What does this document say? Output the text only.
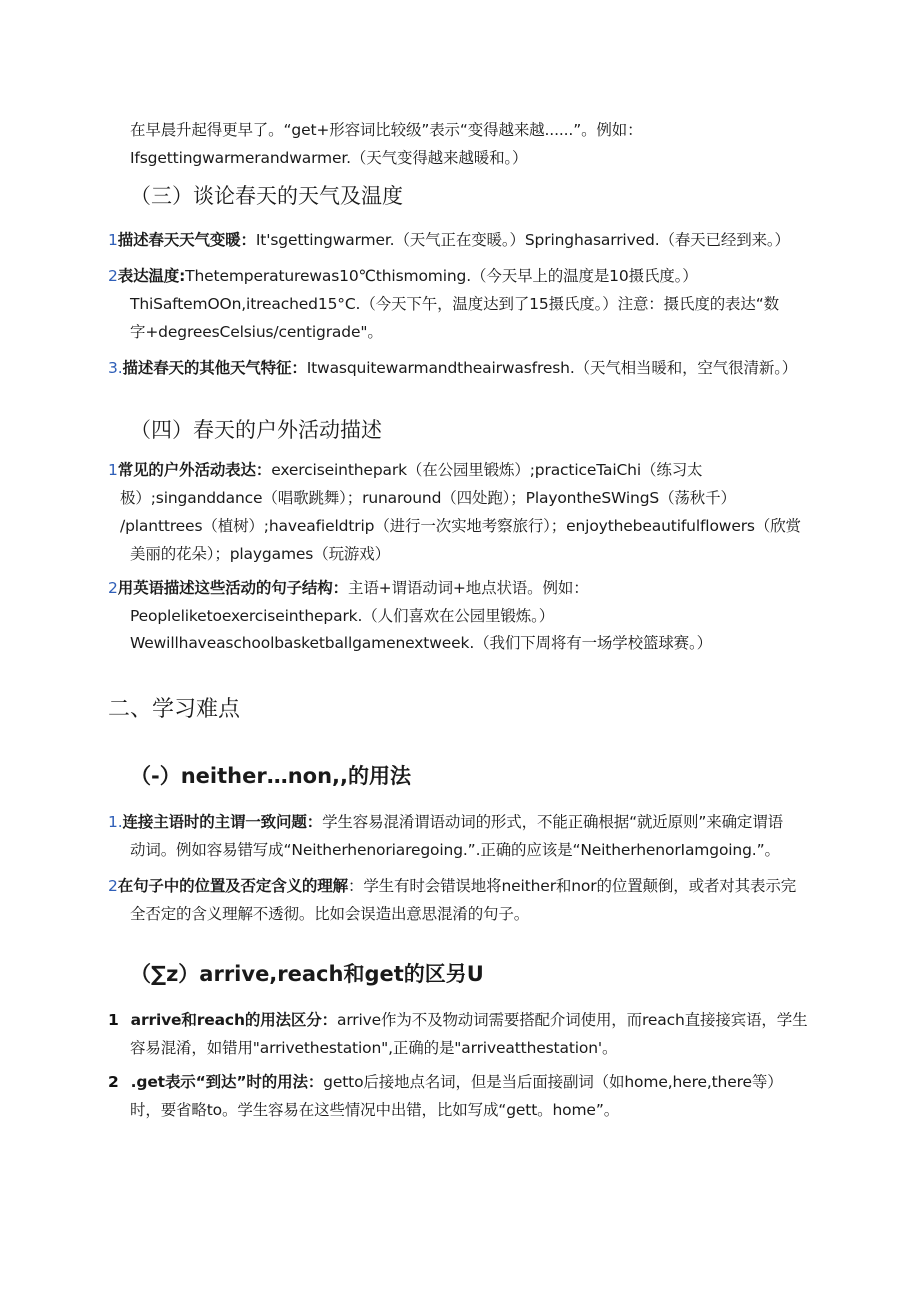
在早晨升起得更早了。“get+形容词比较级”表示“变得越来越......”。例如：
Ifsgettingwarmerandwarmer.（天气变得越来越暖和。）
（三）谈论春天的天气及温度
1描述春天天气变暖：It'sgettingwarmer.（天气正在变暖。）Springhasarrived.（春天已经到来。）
2表达温度:Thetemperaturewas10℃thismoming.（今天早上的温度是10摄氏度。）
ThiSaftemOOn,itreached15°C.（今天下午，温度达到了15摄氏度。）注意：摄氏度的表达“数
字+degreesCelsius/centigrade"。
3.描述春天的其他天气特征：Itwasquitewarmandtheairwasfresh.（天气相当暖和，空气很清新。）
（四）春天的户外活动描述
1常见的户外活动表达：exerciseinthepark（在公园里锻炼）;practiceTaiChi（练习太
极）;singanddance（唱歌跳舞）；runaround（四处跑）；PlayontheSWingS（荡秋千）
∕planttrees（植树）;haveafieldtrip（进行一次实地考察旅行）；enjoythebeautifulflowers（欣赏
美丽的花朵）；playgames（玩游戏）
2用英语描述这些活动的句子结构：主语+谓语动词+地点状语。例如：
Peopleliketoexerciseinthepark.（人们喜欢在公园里锻炼。）
Wewillhaveaschoolbasketballgamenextweek.（我们下周将有一场学校篮球赛。）
二、学习难点
（-）neither…non,,的用法
1.连接主语时的主谓一致问题：学生容易混淆谓语动词的形式，不能正确根据“就近原则”来确定谓语
动词。例如容易错写成“Neitherhenoriaregoing.”.正确的应该是“NeitherhenorIamgoing.”。
2在句子中的位置及否定含义的理解：学生有时会错误地将neither和nor的位置颠倒，或者对其表示完
全否定的含义理解不透彻。比如会误造出意思混淆的句子。
（∑z）arrive,reach和get的区另U
1 arrive和reach的用法区分：arrive作为不及物动词需要搭配介词使用，而reach直接接宾语，学生
容易混淆，如错用"arrivethestation",正确的是"arriveatthestation'。
2 .get表示“到达”时的用法：getto后接地点名词，但是当后面接副词（如home,here,there等）
时，要省略to。学生容易在这些情况中出错，比如写成“gett。home”。
